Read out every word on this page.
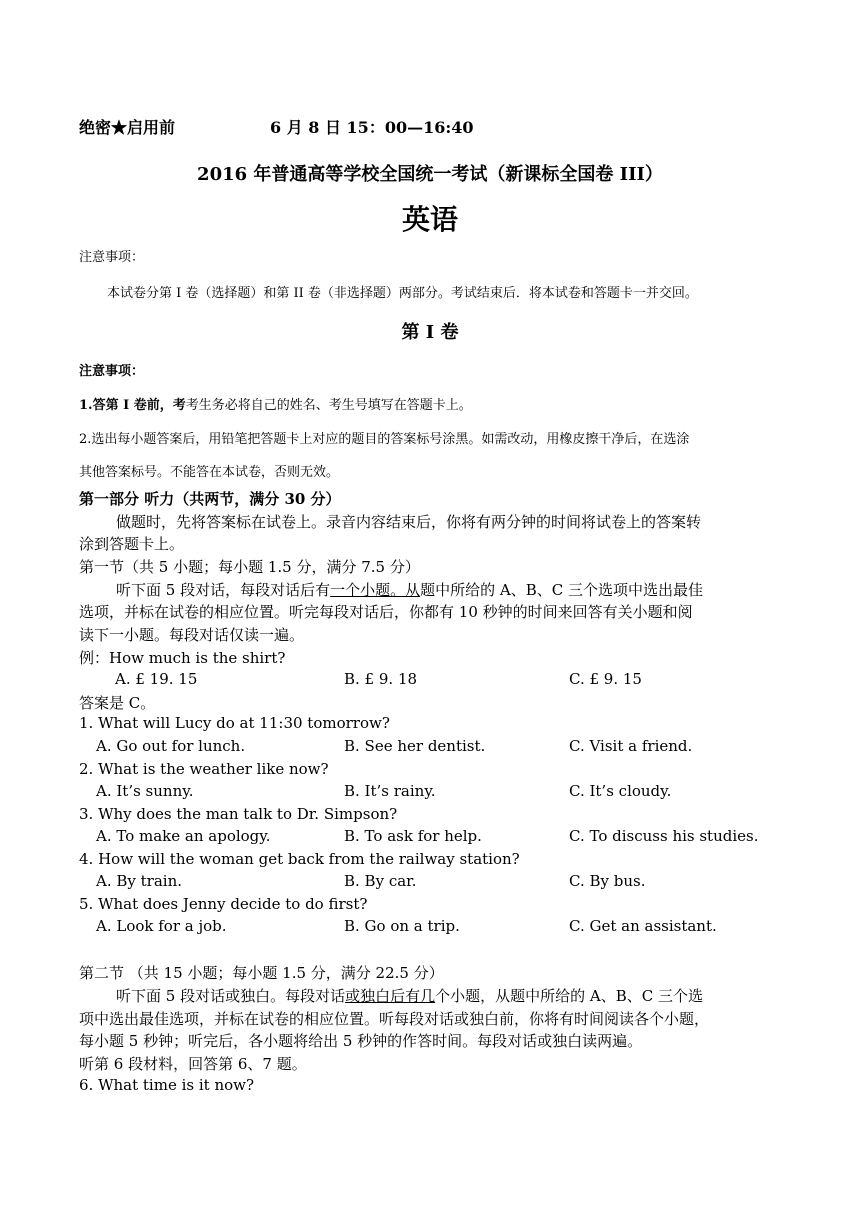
绝密★启用前	6 月 8 日 15：00—16:40
2016 年普通高等学校全国统一考试（新课标全国卷 III）
英语
注意事项：
本试卷分第 I 卷（选择题）和第 II 卷（非选择题）两部分。考试结束后．将本试卷和答题卡一并交回。
第 I 卷
注意事项：
1.答第 I 卷前，考考生务必将自己的姓名、考生号填写在答题卡上。
2.选出每小题答案后，用铅笔把答题卡上对应的题目的答案标号涂黑。如需改动，用橡皮擦干净后，在选涂
其他答案标号。不能答在本试卷，否则无效。
第一部分 听力（共两节，满分 30 分）
做题时，先将答案标在试卷上。录音内容结束后，你将有两分钟的时间将试卷上的答案转
涂到答题卡上。
第一节（共 5 小题；每小题 1.5 分，满分 7.5 分）
听下面 5 段对话，每段对话后有一个小题。从题中所给的 A、B、C 三个选项中选出最佳
选项，并标在试卷的相应位置。听完每段对话后，你都有 10 秒钟的时间来回答有关小题和阅
读下一小题。每段对话仅读一遍。
例：How much is the shirt?
A. £ 19. 15	B. £ 9. 18	C. £ 9. 15
答案是 C。
1. What will Lucy do at 11:30 tomorrow?
A. Go out for lunch.	B. See her dentist.	C. Visit a friend.
2. What is the weather like now?
A. It’s sunny.	B. It’s rainy.	C. It’s cloudy.
3. Why does the man talk to Dr. Simpson?
A. To make an apology.	B. To ask for help.	C. To discuss his studies.
4. How will the woman get back from the railway station?
A. By train.	B. By car.	C. By bus.
5. What does Jenny decide to do first?
A. Look for a job.	B. Go on a trip.	C. Get an assistant.
第二节 （共 15 小题；每小题 1.5 分，满分 22.5 分）
听下面 5 段对话或独白。每段对话或独白后有几个小题，从题中所给的 A、B、C 三个选
项中选出最佳选项，并标在试卷的相应位置。听每段对话或独白前，你将有时间阅读各个小题，
每小题 5 秒钟；听完后，各小题将给出 5 秒钟的作答时间。每段对话或独白读两遍。
听第 6 段材料，回答第 6、7 题。
6. What time is it now?
